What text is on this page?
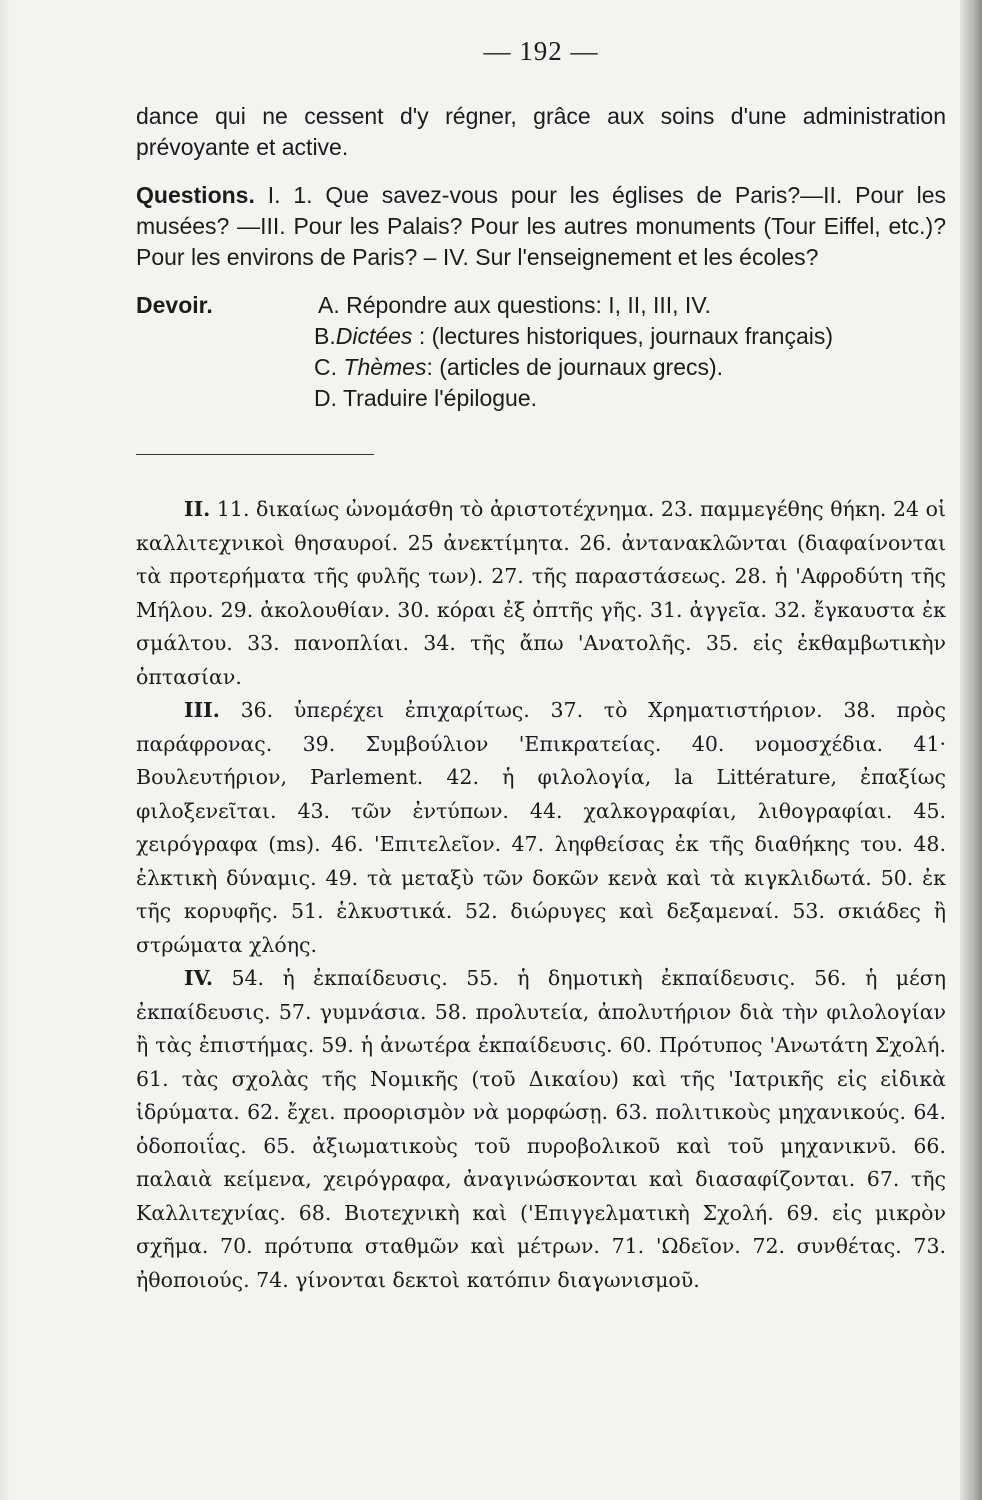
— 192 —

dance qui ne cessent d'y régner, grâce aux soins d'une administration prévoyante et active.

Questions. I. 1. Que savez-vous pour les églises de Paris?—II. Pour les musées? —III. Pour les Palais? Pour les autres monuments (Tour Eiffel, etc.)? Pour les environs de Paris? – IV. Sur l'enseignement et les écoles?

Devoir.	A. Répondre aux questions: I, II, III, IV.
B.Dictées : (lectures historiques, journaux français)
C. Thèmes: (articles de journaux grecs).
D. Traduire l'épilogue.

II. 11. δικαίως ὠνομάσθη τὸ ἀριστοτέχνημα. 23. παμμεγέθης θήκη. 24 οἱ καλλιτεχνικοὶ θησαυροί. 25 ἀνεκτίμητα. 26. ἀντανακλῶνται (διαφαίνονται τὰ προτερήματα τῆς φυλῆς των). 27. τῆς παραστάσεως. 28. ἡ 'Αφροδύτη τῆς Μήλου. 29. ἀκολουθίαν. 30. κόραι ἐξ ὀπτῆς γῆς. 31. ἀγγεῖα. 32. ἔγκαυστα ἐκ σμάλτου. 33. πανοπλίαι. 34. τῆς ἄπω 'Ανατολῆς. 35. εἰς ἐκθαμβωτικὴν ὀπτασίαν.

III. 36. ὑπερέχει ἐπιχαρίτως. 37. τὸ Χρηματιστήριον. 38. πρὸς παράφρονας. 39. Συμβούλιον 'Επικρατείας. 40. νομοσχέδια. 41· Βουλευτήριον, Parlement. 42. ἡ φιλολογία, la Littérature, ἐπαξίως φιλοξενεῖται. 43. τῶν ἐντύπων. 44. χαλκογραφίαι, λιθογραφίαι. 45. χειρόγραφα (ms). 46. 'Επιτελεῖον. 47. ληφθείσας ἐκ τῆς διαθήκης του. 48. ἑλκτικὴ δύναμις. 49. τὰ μεταξὺ τῶν δοκῶν κενὰ καὶ τὰ κιγκλιδωτά. 50. ἐκ τῆς κορυφῆς. 51. ἑλκυστικά. 52. διώρυγες καὶ δεξαμεναί. 53. σκιάδες ἢ στρώματα χλόης.

IV. 54. ἡ ἐκπαίδευσις. 55. ἡ δημοτικὴ ἐκπαίδευσις. 56. ἡ μέση ἐκπαίδευσις. 57. γυμνάσια. 58. προλυτεία, ἀπολυτήριον διὰ τὴν φιλολογίαν ἢ τὰς ἐπιστήμας. 59. ἡ ἀνωτέρα ἐκπαίδευσις. 60. Πρότυπος 'Ανωτάτη Σχολή. 61. τὰς σχολὰς τῆς Νομικῆς (τοῦ Δικαίου) καὶ τῆς 'Ιατρικῆς εἰς εἰδικὰ ἱδρύματα. 62. ἔχει. προορισμὸν νὰ μορφώσῃ. 63. πολιτικοὺς μηχανικούς. 64. ὁδοποιΐας. 65. ἀξιωματικοὺς τοῦ πυροβολικοῦ καὶ τοῦ μηχανικνῦ. 66. παλαιὰ κείμενα, χειρόγραφα, ἀναγινώσκονται καὶ διασαφίζονται. 67. τῆς Καλλιτεχνίας. 68. Βιοτεχνικὴ καὶ ('Επιγγελματικὴ Σχολή. 69. εἰς μικρὸν σχῆμα. 70. πρότυπα σταθμῶν καὶ μέτρων. 71. 'Ωδεῖον. 72. συνθέτας. 73. ἠθοποιούς. 74. γίνονται δεκτοὶ κατόπιν διαγωνισμοῦ.
